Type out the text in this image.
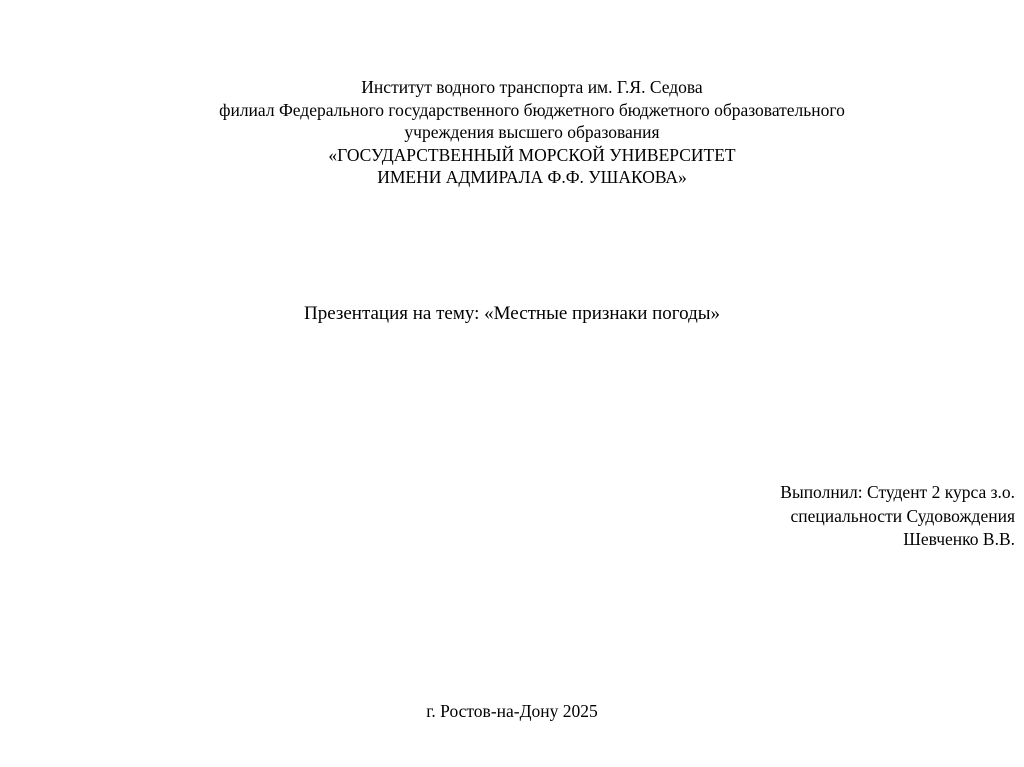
Институт водного транспорта им. Г.Я. Седова
филиал Федерального государственного бюджетного бюджетного образовательного
учреждения высшего образования
«ГОСУДАРСТВЕННЫЙ МОРСКОЙ УНИВЕРСИТЕТ
ИМЕНИ АДМИРАЛА Ф.Ф. УШАКОВА»
Презентация на тему: «Местные признаки погоды»
Выполнил: Студент 2 курса з.о.
специальности Судовождения
Шевченко В.В.
г. Ростов-на-Дону 2025
